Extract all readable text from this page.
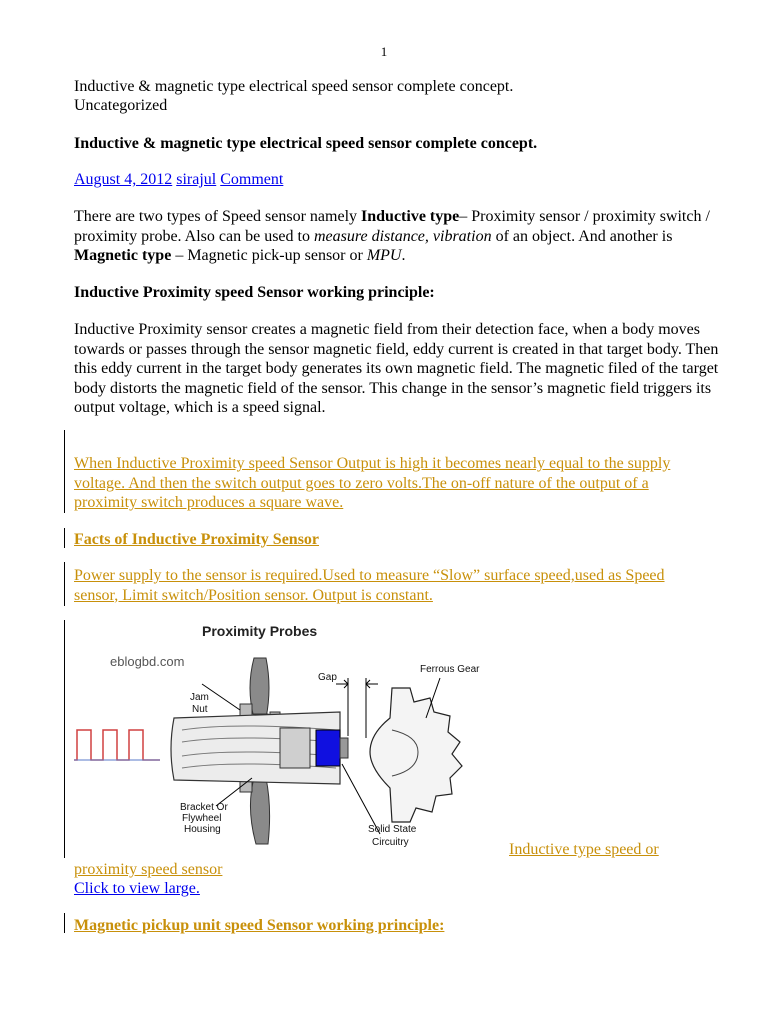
1
Inductive & magnetic type electrical speed sensor complete concept.
Uncategorized
Inductive & magnetic type electrical speed sensor complete concept.
August 4, 2012 sirajul Comment
There are two types of Speed sensor namely Inductive type– Proximity sensor / proximity switch / proximity probe. Also can be used to measure distance, vibration of an object. And another is Magnetic type – Magnetic pick-up sensor or MPU.
Inductive Proximity speed Sensor working principle:
Inductive Proximity sensor creates a magnetic field from their detection face, when a body moves towards or passes through the sensor magnetic field, eddy current is created in that target body. Then this eddy current in the target body generates its own magnetic field. The magnetic filed of the target body distorts the magnetic field of the sensor. This change in the sensor’s magnetic field triggers its output voltage, which is a speed signal.
When Inductive Proximity speed Sensor Output is high it becomes nearly equal to the supply voltage. And then the switch output goes to zero volts.The on-off nature of the output of a proximity switch produces a square wave.
Facts of Inductive Proximity Sensor
Power supply to the sensor is required.Used to measure “Slow” surface speed,used as Speed sensor, Limit switch/Position sensor. Output is constant.
Proximity Probes
eblogbd.com
Gap
Ferrous Gear
Jam
Nut
Bracket Or
Flywheel
Housing	Solid State
Circuitry	Inductive type speed or
proximity speed sensor
Click to view large.
Magnetic pickup unit speed Sensor working principle:
